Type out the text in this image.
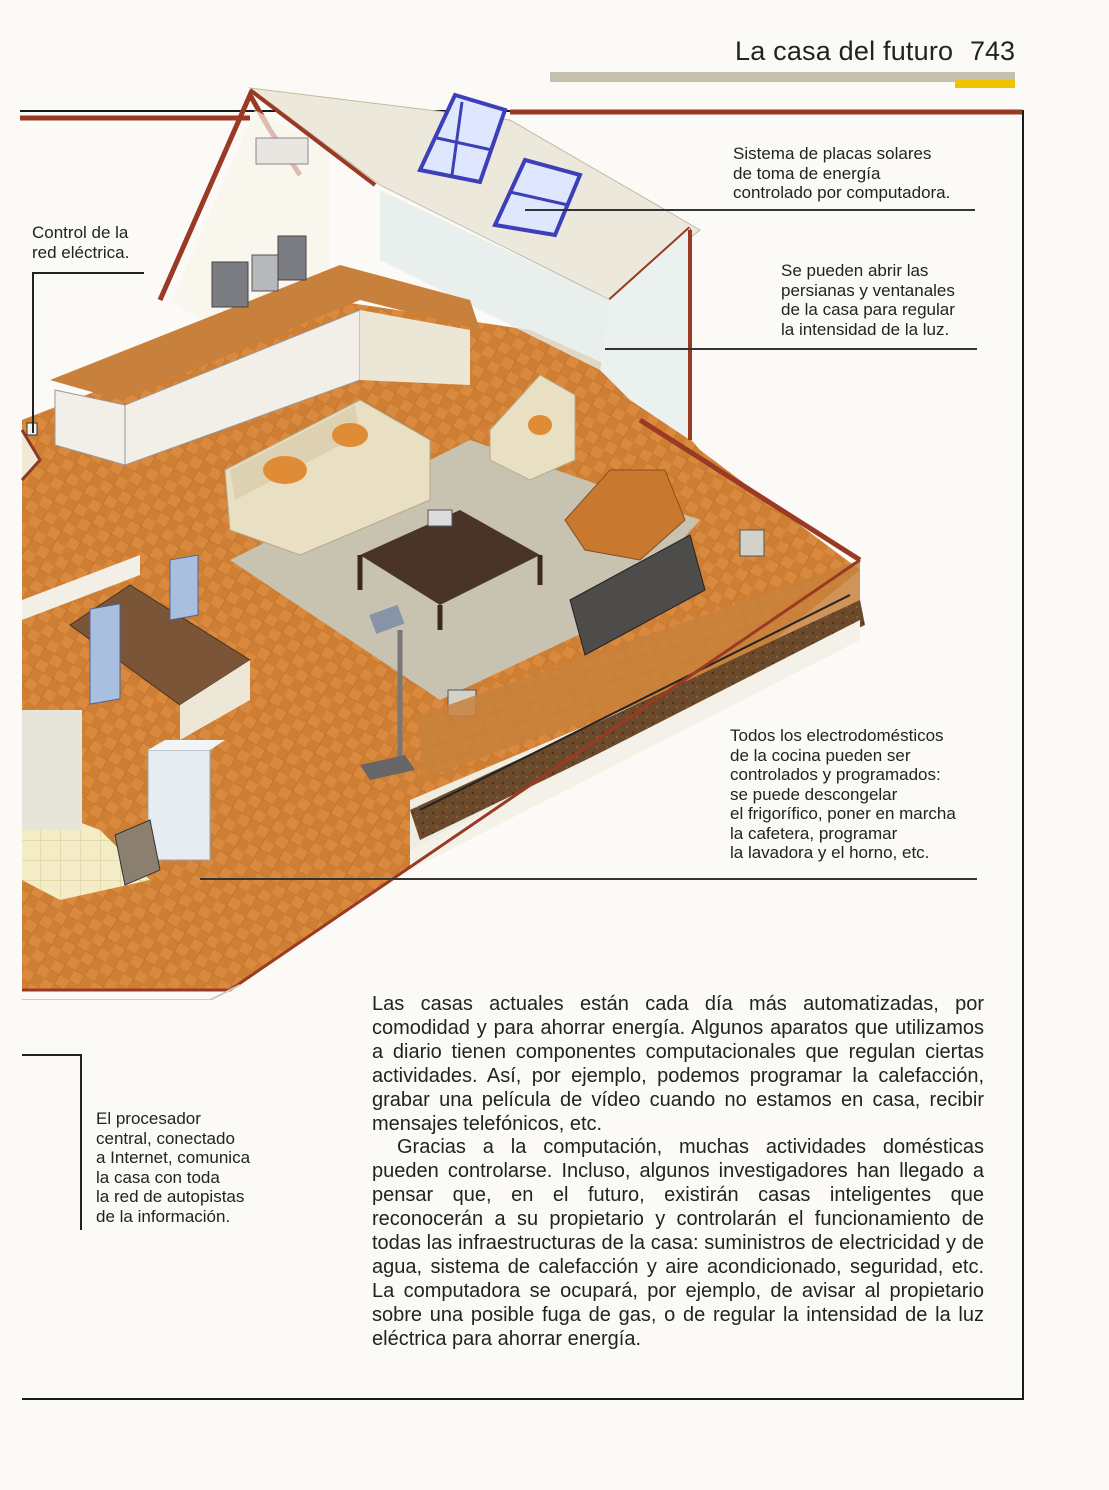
La casa del futuro 743
Sistema de placas solares
de toma de energía
controlado por computadora.
Control de la
red eléctrica.
Se pueden abrir las
persianas y ventanales
de la casa para regular
la intensidad de la luz.
Todos los electrodomésticos
de la cocina pueden ser
controlados y programados:
se puede descongelar
el frigorífico, poner en marcha
la cafetera, programar
la lavadora y el horno, etc.
El procesador
central, conectado
a Internet, comunica
la casa con toda
la red de autopistas
de la información.

Las casas actuales están cada día más automatizadas, por comodidad y para ahorrar energía. Algunos aparatos que utilizamos a diario tienen componentes computacionales que regulan ciertas actividades. Así, por ejemplo, podemos programar la calefacción, grabar una película de vídeo cuando no estamos en casa, recibir mensajes telefónicos, etc.

Gracias a la computación, muchas actividades domésticas pueden controlarse. Incluso, algunos investigadores han llegado a pensar que, en el futuro, existirán casas inteligentes que reconocerán a su propietario y controlarán el funcionamiento de todas las infraestructuras de la casa: suministros de electricidad y de agua, sistema de calefacción y aire acondicionado, seguridad, etc. La computadora se ocupará, por ejemplo, de avisar al propietario sobre una posible fuga de gas, o de regular la intensidad de la luz eléctrica para ahorrar energía.
